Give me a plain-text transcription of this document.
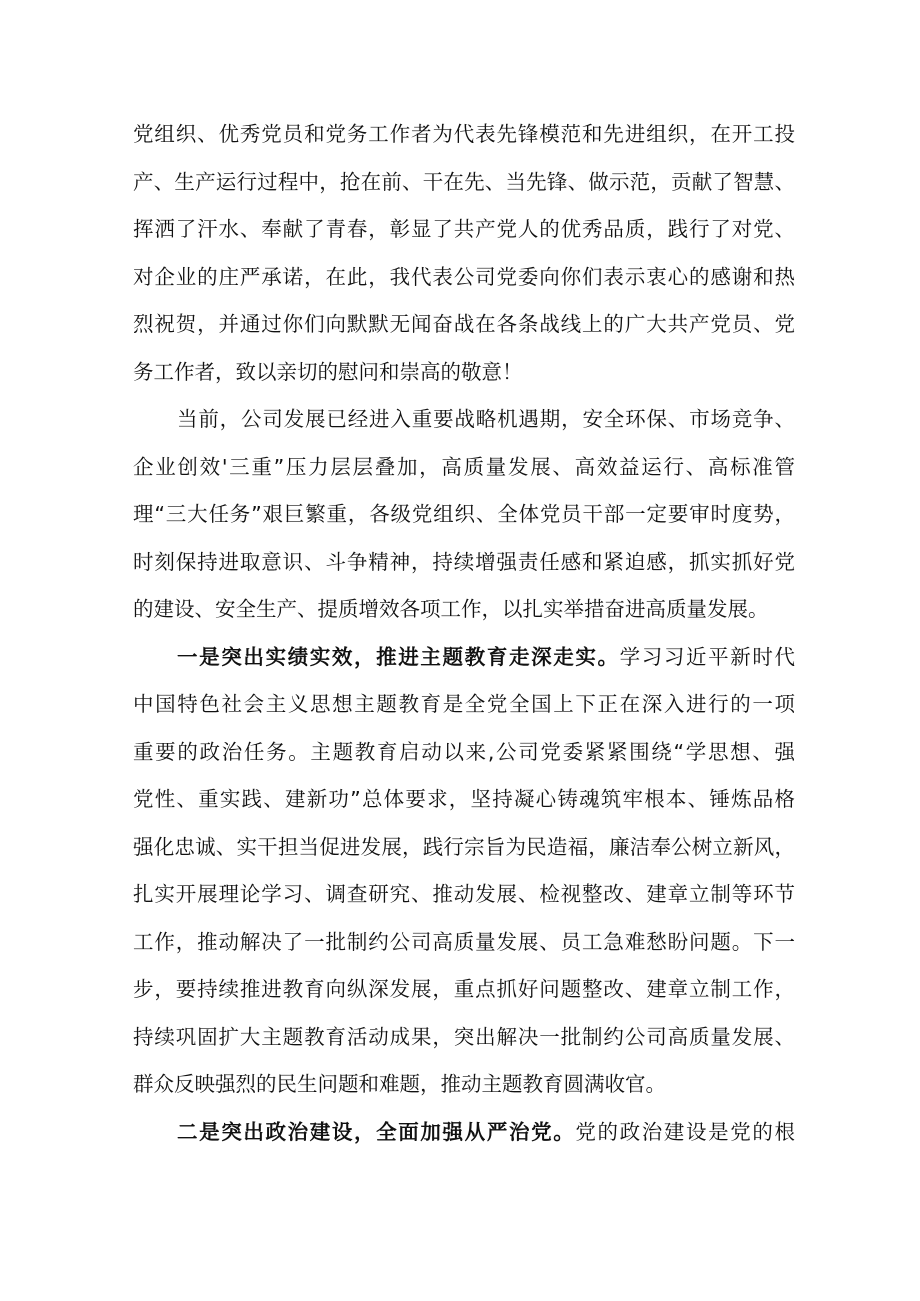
党组织、优秀党员和党务工作者为代表先锋模范和先进组织，在开工投
产、生产运行过程中，抢在前、干在先、当先锋、做示范，贡献了智慧、
挥洒了汗水、奉献了青春，彰显了共产党人的优秀品质，践行了对党、
对企业的庄严承诺，在此，我代表公司党委向你们表示衷心的感谢和热
烈祝贺，并通过你们向默默无闻奋战在各条战线上的广大共产党员、党
务工作者，致以亲切的慰问和崇高的敬意！
当前，公司发展已经进入重要战略机遇期，安全环保、市场竞争、
企业创效'三重”压力层层叠加，高质量发展、高效益运行、高标准管
理“三大任务”艰巨繁重，各级党组织、全体党员干部一定要审时度势，
时刻保持进取意识、斗争精神，持续增强责任感和紧迫感，抓实抓好党
的建设、安全生产、提质增效各项工作，以扎实举措奋进高质量发展。
一是突出实绩实效，推进主题教育走深走实。学习习近平新时代
中国特色社会主义思想主题教育是全党全国上下正在深入进行的一项
重要的政治任务。主题教育启动以来,公司党委紧紧围绕“学思想、强
党性、重实践、建新功”总体要求，坚持凝心铸魂筑牢根本、锤炼品格
强化忠诚、实干担当促进发展，践行宗旨为民造福，廉洁奉公树立新风，
扎实开展理论学习、调查研究、推动发展、检视整改、建章立制等环节
工作，推动解决了一批制约公司高质量发展、员工急难愁盼问题。下一
步，要持续推进教育向纵深发展，重点抓好问题整改、建章立制工作，
持续巩固扩大主题教育活动成果，突出解决一批制约公司高质量发展、
群众反映强烈的民生问题和难题，推动主题教育圆满收官。
二是突出政治建设，全面加强从严治党。党的政治建设是党的根
